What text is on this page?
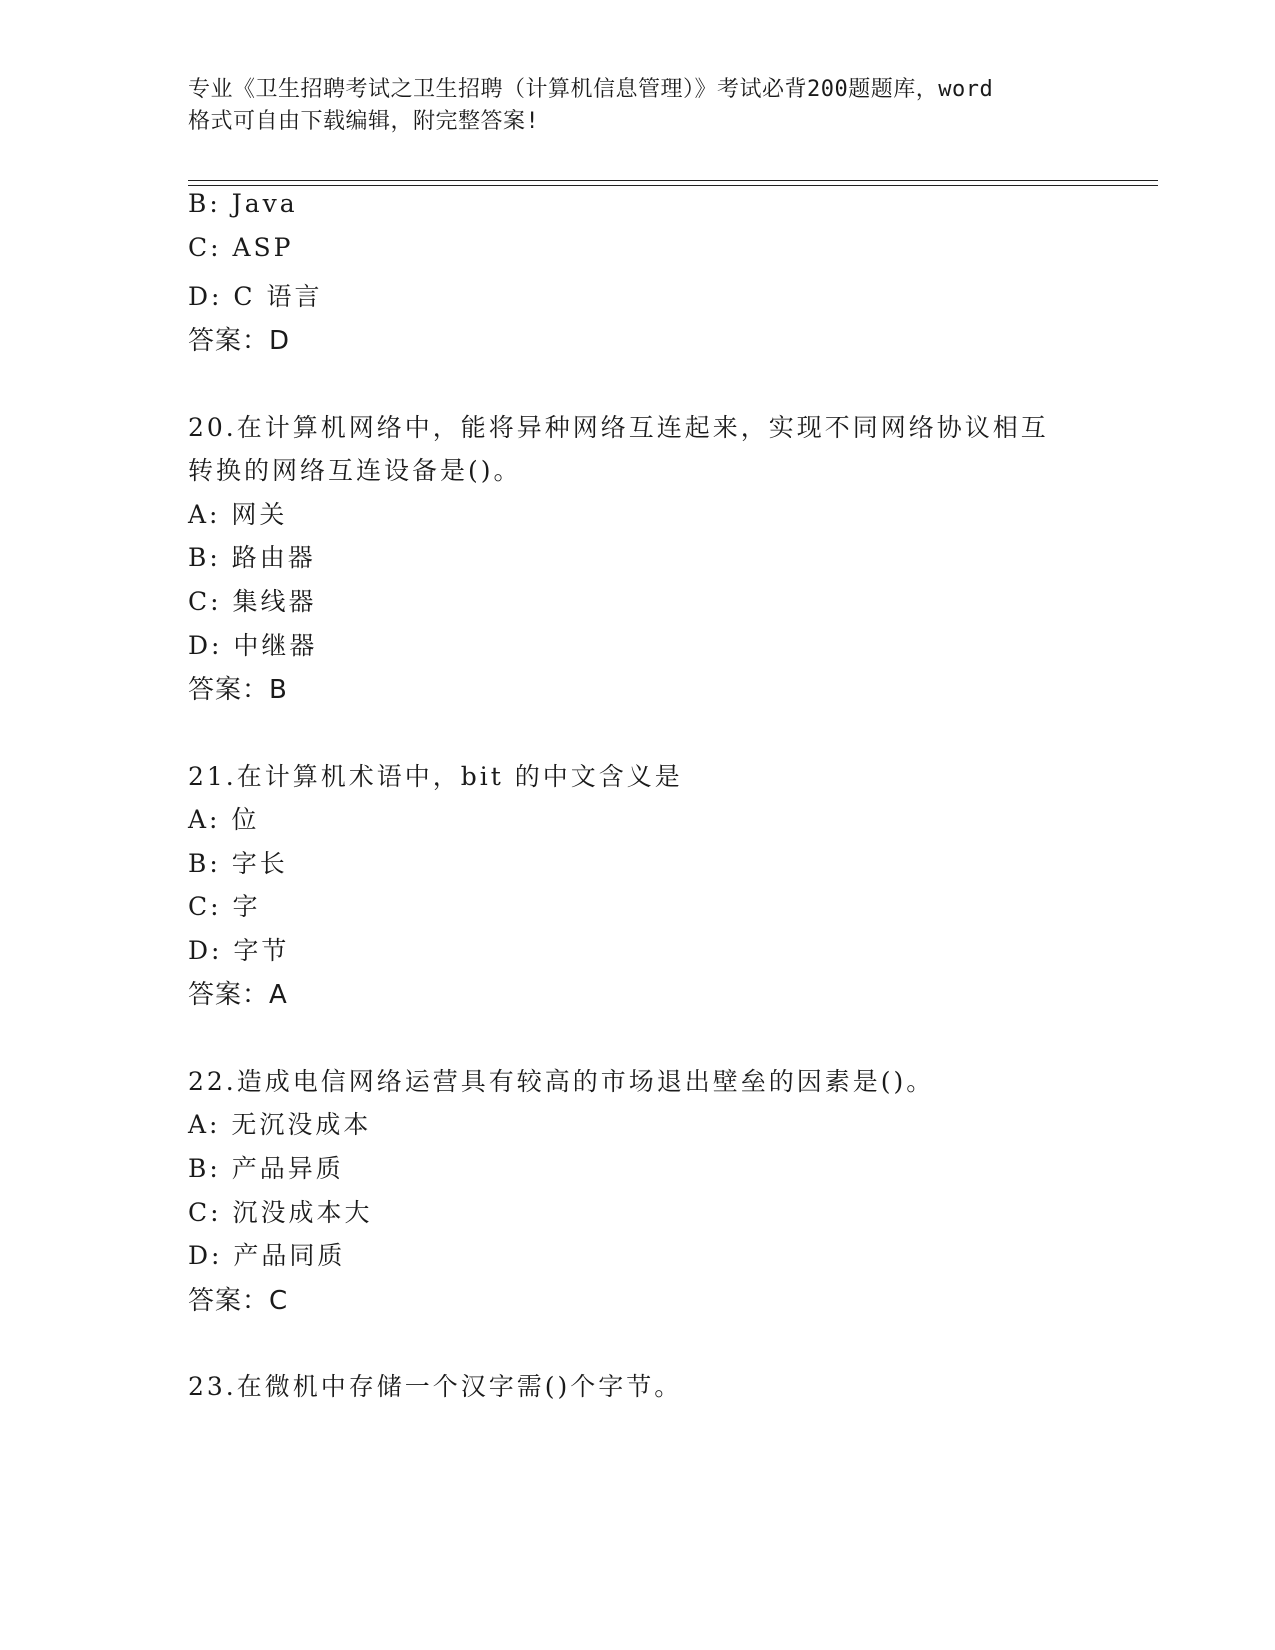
专业《卫生招聘考试之卫生招聘（计算机信息管理）》考试必背200题题库，word
格式可自由下载编辑，附完整答案!
B: Java
C: ASP
D: C 语言
答案：D
20.在计算机网络中，能将异种网络互连起来，实现不同网络协议相互
转换的网络互连设备是()。
A: 网关
B: 路由器
C: 集线器
D: 中继器
答案：B
21.在计算机术语中，bit 的中文含义是
A: 位
B: 字长
C: 字
D: 字节
答案：A
22.造成电信网络运营具有较高的市场退出壁垒的因素是()。
A: 无沉没成本
B: 产品异质
C: 沉没成本大
D: 产品同质
答案：C
23.在微机中存储一个汉字需()个字节。
